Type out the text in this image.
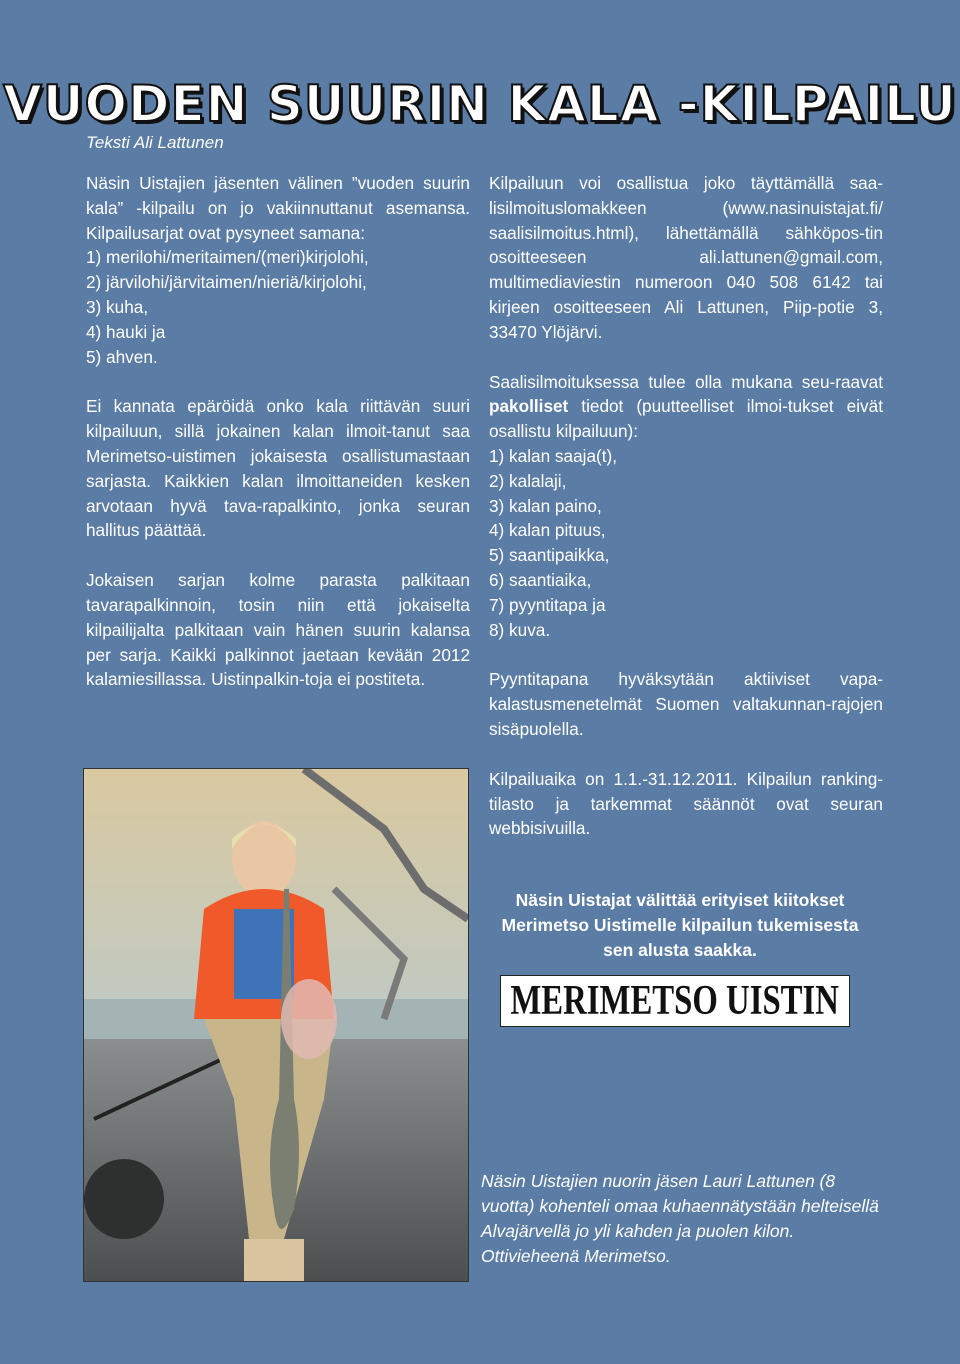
VUODEN SUURIN KALA -KILPAILU
Teksti Ali Lattunen

Näsin Uistajien jäsenten välinen ”vuoden suurin kala” -kilpailu on jo vakiinnuttanut asemansa. Kilpailusarjat ovat pysyneet samana:
1) merilohi/meritaimen/(meri)kirjolohi,
2) järvilohi/järvitaimen/nieriä/kirjolohi,
3) kuha,
4) hauki ja
5) ahven.

Ei kannata epäröidä onko kala riittävän suuri kilpailuun, sillä jokainen kalan ilmoit-tanut saa Merimetso-uistimen jokaisesta osallistumastaan sarjasta. Kaikkien kalan ilmoittaneiden kesken arvotaan hyvä tava-rapalkinto, jonka seuran hallitus päättää.

Jokaisen sarjan kolme parasta palkitaan tavarapalkinnoin, tosin niin että jokaiselta kilpailijalta palkitaan vain hänen suurin kalansa per sarja. Kaikki palkinnot jaetaan kevään 2012 kalamiesillassa. Uistinpalkin-toja ei postiteta.

Kilpailuun voi osallistua joko täyttämällä saa-lisilmoituslomakkeen (www.nasinuistajat.fi/ saalisilmoitus.html), lähettämällä sähköpos-tin osoitteeseen ali.lattunen@gmail.com, multimediaviestin numeroon 040 508 6142 tai kirjeen osoitteeseen Ali Lattunen, Piip-potie 3, 33470 Ylöjärvi.

Saalisilmoituksessa tulee olla mukana seu-raavat pakolliset tiedot (puutteelliset ilmoi-tukset eivät osallistu kilpailuun):
1) kalan saaja(t),
2) kalalaji,
3) kalan paino,
4) kalan pituus,
5) saantipaikka,
6) saantiaika,
7) pyyntitapa ja
8) kuva.

Pyyntitapana hyväksytään aktiiviset vapa-kalastusmenetelmät Suomen valtakunnan-rajojen sisäpuolella.

Kilpailuaika on 1.1.-31.12.2011. Kilpailun ranking-tilasto ja tarkemmat säännöt ovat seuran webbisivuilla.

Näsin Uistajat välittää erityiset kiitokset Merimetso Uistimelle kilpailun tukemisesta sen alusta saakka.
MERIMETSO UISTIN
Näsin Uistajien nuorin jäsen Lauri Lattunen (8 vuotta) kohenteli omaa kuhaennätystään helteisellä Alvajärvellä jo yli kahden ja puolen kilon. Ottivieheenä Merimetso.
